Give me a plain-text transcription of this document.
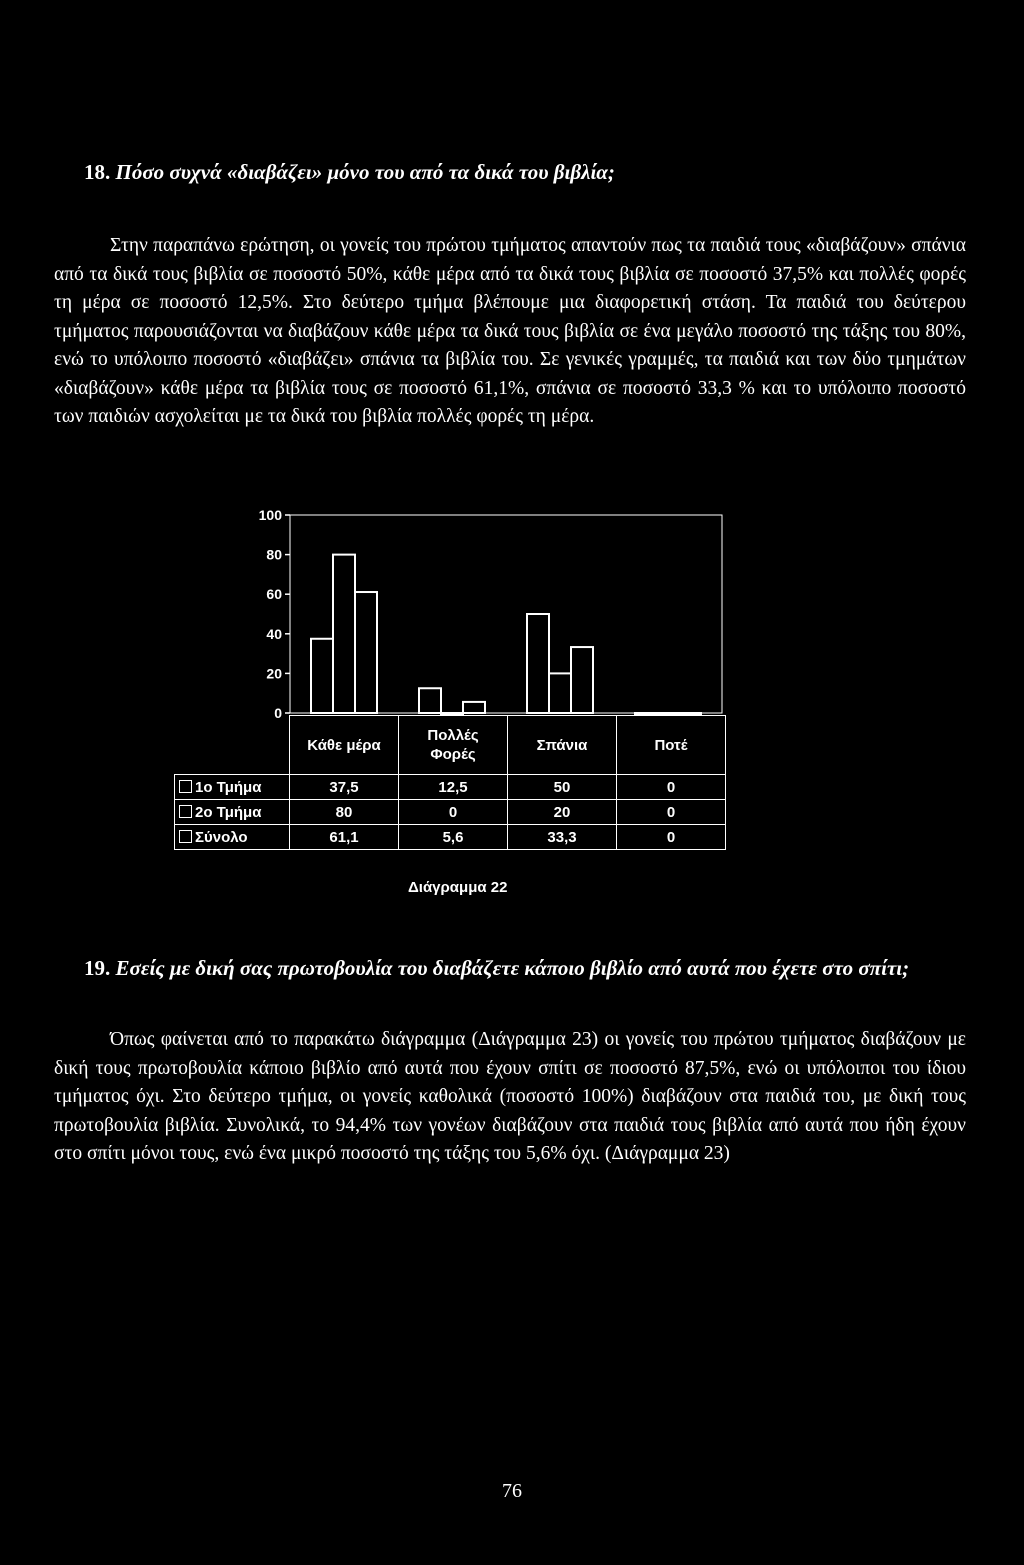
18. Πόσο συχνά «διαβάζει» μόνο του από τα δικά του βιβλία;

Στην παραπάνω ερώτηση, οι γονείς του πρώτου τμήματος απαντούν πως τα παιδιά τους «διαβάζουν» σπάνια από τα δικά τους βιβλία σε ποσοστό 50%, κάθε μέρα από τα δικά τους βιβλία σε ποσοστό 37,5% και πολλές φορές τη μέρα σε ποσοστό 12,5%. Στο δεύτερο τμήμα βλέπουμε μια διαφορετική στάση. Τα παιδιά του δεύτερου τμήματος παρουσιάζονται να διαβάζουν κάθε μέρα τα δικά τους βιβλία σε ένα μεγάλο ποσοστό της τάξης του 80%, ενώ το υπόλοιπο ποσοστό «διαβάζει» σπάνια τα βιβλία του. Σε γενικές γραμμές, τα παιδιά και των δύο τμημάτων «διαβάζουν» κάθε μέρα τα βιβλία τους σε ποσοστό 61,1%, σπάνια σε ποσοστό 33,3 % και το υπόλοιπο ποσοστό των παιδιών ασχολείται με τα δικά του βιβλία πολλές φορές τη μέρα.

100
80
60
40
20
0
	Κάθε μέρα	Πολλές
Φορές	Σπάνια	Ποτέ
1ο Τμήμα	37,5	12,5	50	0
2ο Τμήμα	80	0	20	0
Σύνολο	61,1	5,6	33,3	0
Διάγραμμα 22
19. Εσείς με δική σας πρωτοβουλία του διαβάζετε κάποιο βιβλίο από αυτά που έχετε στο σπίτι;

Όπως φαίνεται από το παρακάτω διάγραμμα (Διάγραμμα 23) οι γονείς του πρώτου τμήματος διαβάζουν με δική τους πρωτοβουλία κάποιο βιβλίο από αυτά που έχουν σπίτι σε ποσοστό 87,5%, ενώ οι υπόλοιποι του ίδιου τμήματος όχι. Στο δεύτερο τμήμα, οι γονείς καθολικά (ποσοστό 100%) διαβάζουν στα παιδιά του, με δική τους πρωτοβουλία βιβλία. Συνολικά, το 94,4% των γονέων διαβάζουν στα παιδιά τους βιβλία από αυτά που ήδη έχουν στο σπίτι μόνοι τους, ενώ ένα μικρό ποσοστό της τάξης του 5,6% όχι. (Διάγραμμα 23)

76
